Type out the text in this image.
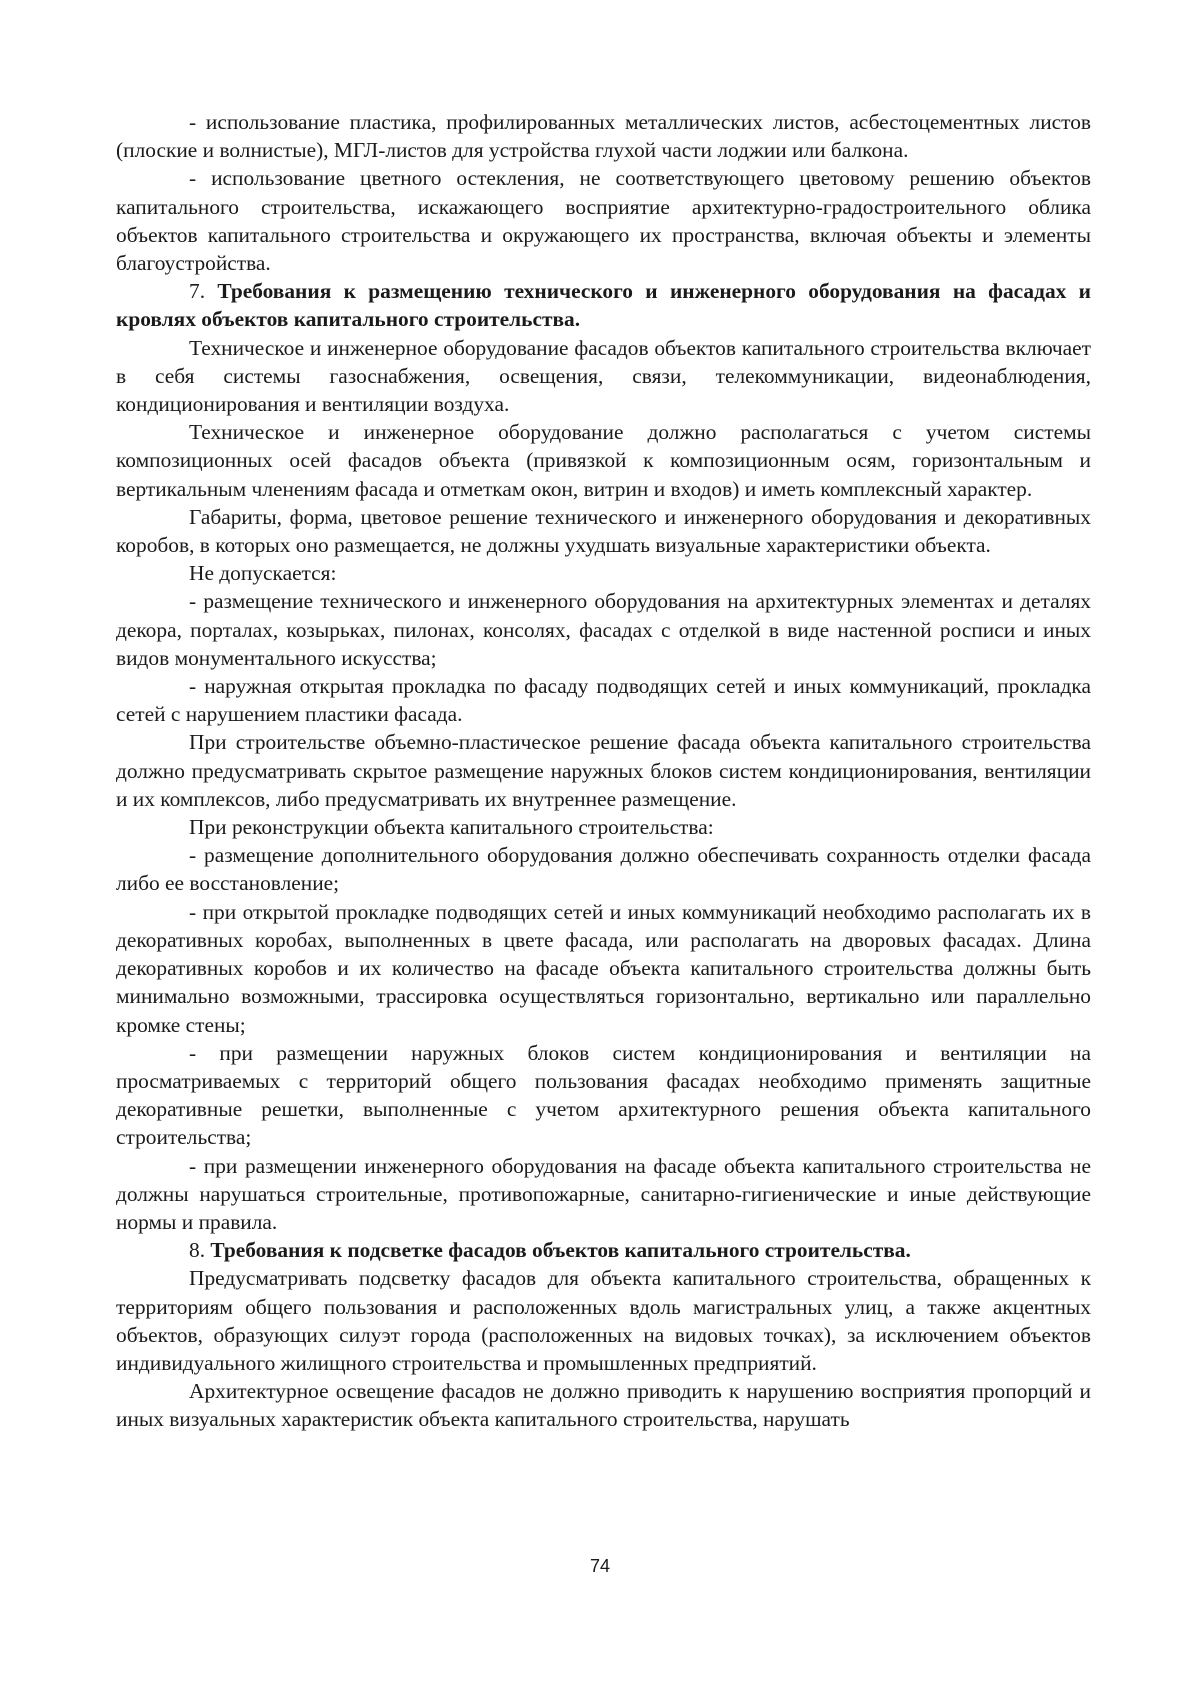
- использование пластика, профилированных металлических листов, асбестоцементных листов (плоские и волнистые), МГЛ-листов для устройства глухой части лоджии или балкона.

- использование цветного остекления, не соответствующего цветовому решению объектов капитального строительства, искажающего восприятие архитектурно-градостроительного облика объектов капитального строительства и окружающего их пространства, включая объекты и элементы благоустройства.

7. Требования к размещению технического и инженерного оборудования на фасадах и кровлях объектов капитального строительства.

Техническое и инженерное оборудование фасадов объектов капитального строительства включает в себя системы газоснабжения, освещения, связи, телекоммуникации, видеонаблюдения, кондиционирования и вентиляции воздуха.

Техническое и инженерное оборудование должно располагаться с учетом системы композиционных осей фасадов объекта (привязкой к композиционным осям, горизонтальным и вертикальным членениям фасада и отметкам окон, витрин и входов) и иметь комплексный характер.

Габариты, форма, цветовое решение технического и инженерного оборудования и декоративных коробов, в которых оно размещается, не должны ухудшать визуальные характеристики объекта.

Не допускается:

- размещение технического и инженерного оборудования на архитектурных элементах и деталях декора, порталах, козырьках, пилонах, консолях, фасадах с отделкой в виде настенной росписи и иных видов монументального искусства;

- наружная открытая прокладка по фасаду подводящих сетей и иных коммуникаций, прокладка сетей с нарушением пластики фасада.

При строительстве объемно-пластическое решение фасада объекта капитального строительства должно предусматривать скрытое размещение наружных блоков систем кондиционирования, вентиляции и их комплексов, либо предусматривать их внутреннее размещение.

При реконструкции объекта капитального строительства:

- размещение дополнительного оборудования должно обеспечивать сохранность отделки фасада либо ее восстановление;

- при открытой прокладке подводящих сетей и иных коммуникаций необходимо располагать их в декоративных коробах, выполненных в цвете фасада, или располагать на дворовых фасадах. Длина декоративных коробов и их количество на фасаде объекта капитального строительства должны быть минимально возможными, трассировка осуществляться горизонтально, вертикально или параллельно кромке стены;

- при размещении наружных блоков систем кондиционирования и вентиляции на просматриваемых с территорий общего пользования фасадах необходимо применять защитные декоративные решетки, выполненные с учетом архитектурного решения объекта капитального строительства;

- при размещении инженерного оборудования на фасаде объекта капитального строительства не должны нарушаться строительные, противопожарные, санитарно-гигиенические и иные действующие нормы и правила.

8. Требования к подсветке фасадов объектов капитального строительства.

Предусматривать подсветку фасадов для объекта капитального строительства, обращенных к территориям общего пользования и расположенных вдоль магистральных улиц, а также акцентных объектов, образующих силуэт города (расположенных на видовых точках), за исключением объектов индивидуального жилищного строительства и промышленных предприятий.

Архитектурное освещение фасадов не должно приводить к нарушению восприятия пропорций и иных визуальных характеристик объекта капитального строительства, нарушать

74
